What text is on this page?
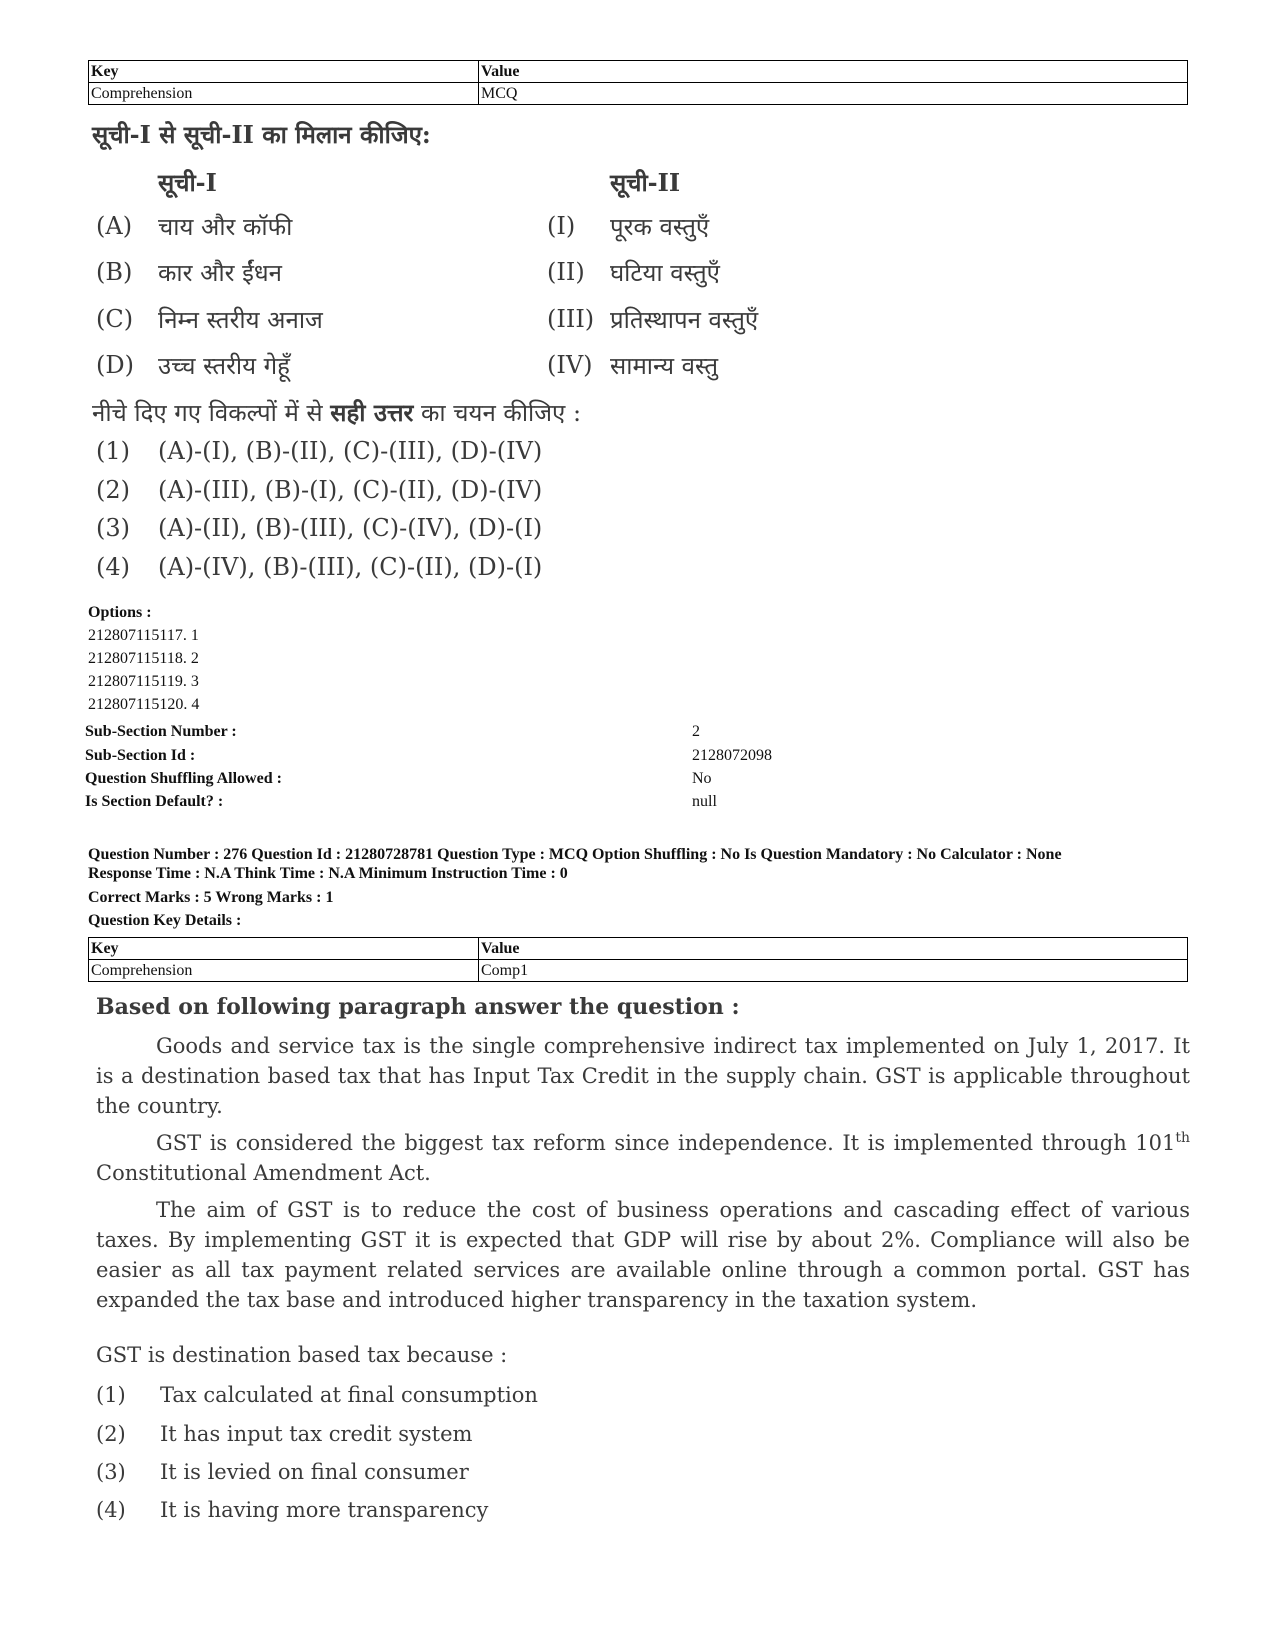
Key	Value
Comprehension	MCQ
सूची-I से सूची-II का मिलान कीजिए:
सूची-I	सूची-II
(A) चाय और कॉफी	(I) पूरक वस्तुएँ
(B) कार और ईंधन	(II) घटिया वस्तुएँ
(C) निम्न स्तरीय अनाज	(III) प्रतिस्थापन वस्तुएँ
(D) उच्च स्तरीय गेहूँ	(IV) सामान्य वस्तु
नीचे दिए गए विकल्पों में से सही उत्तर का चयन कीजिए :
(1) (A)-(I), (B)-(II), (C)-(III), (D)-(IV)
(2) (A)-(III), (B)-(I), (C)-(II), (D)-(IV)
(3) (A)-(II), (B)-(III), (C)-(IV), (D)-(I)
(4) (A)-(IV), (B)-(III), (C)-(II), (D)-(I)
Options :
212807115117. 1
212807115118. 2
212807115119. 3
212807115120. 4
Sub-Section Number :	2
Sub-Section Id :	2128072098
Question Shuffling Allowed :	No
Is Section Default? :	null
Question Number : 276 Question Id : 21280728781 Question Type : MCQ Option Shuffling : No Is Question Mandatory : No Calculator : None
Response Time : N.A Think Time : N.A Minimum Instruction Time : 0
Correct Marks : 5 Wrong Marks : 1
Question Key Details :
Key	Value
Comprehension	Comp1
Based on following paragraph answer the question :

Goods and service tax is the single comprehensive indirect tax implemented on July 1, 2017. It is a destination based tax that has Input Tax Credit in the supply chain. GST is applicable throughout the country.

GST is considered the biggest tax reform since independence. It is implemented through 101th Constitutional Amendment Act.

The aim of GST is to reduce the cost of business operations and cascading effect of various taxes. By implementing GST it is expected that GDP will rise by about 2%. Compliance will also be easier as all tax payment related services are available online through a common portal. GST has expanded the tax base and introduced higher transparency in the taxation system.

GST is destination based tax because :
(1) Tax calculated at final consumption
(2) It has input tax credit system
(3) It is levied on final consumer
(4) It is having more transparency
